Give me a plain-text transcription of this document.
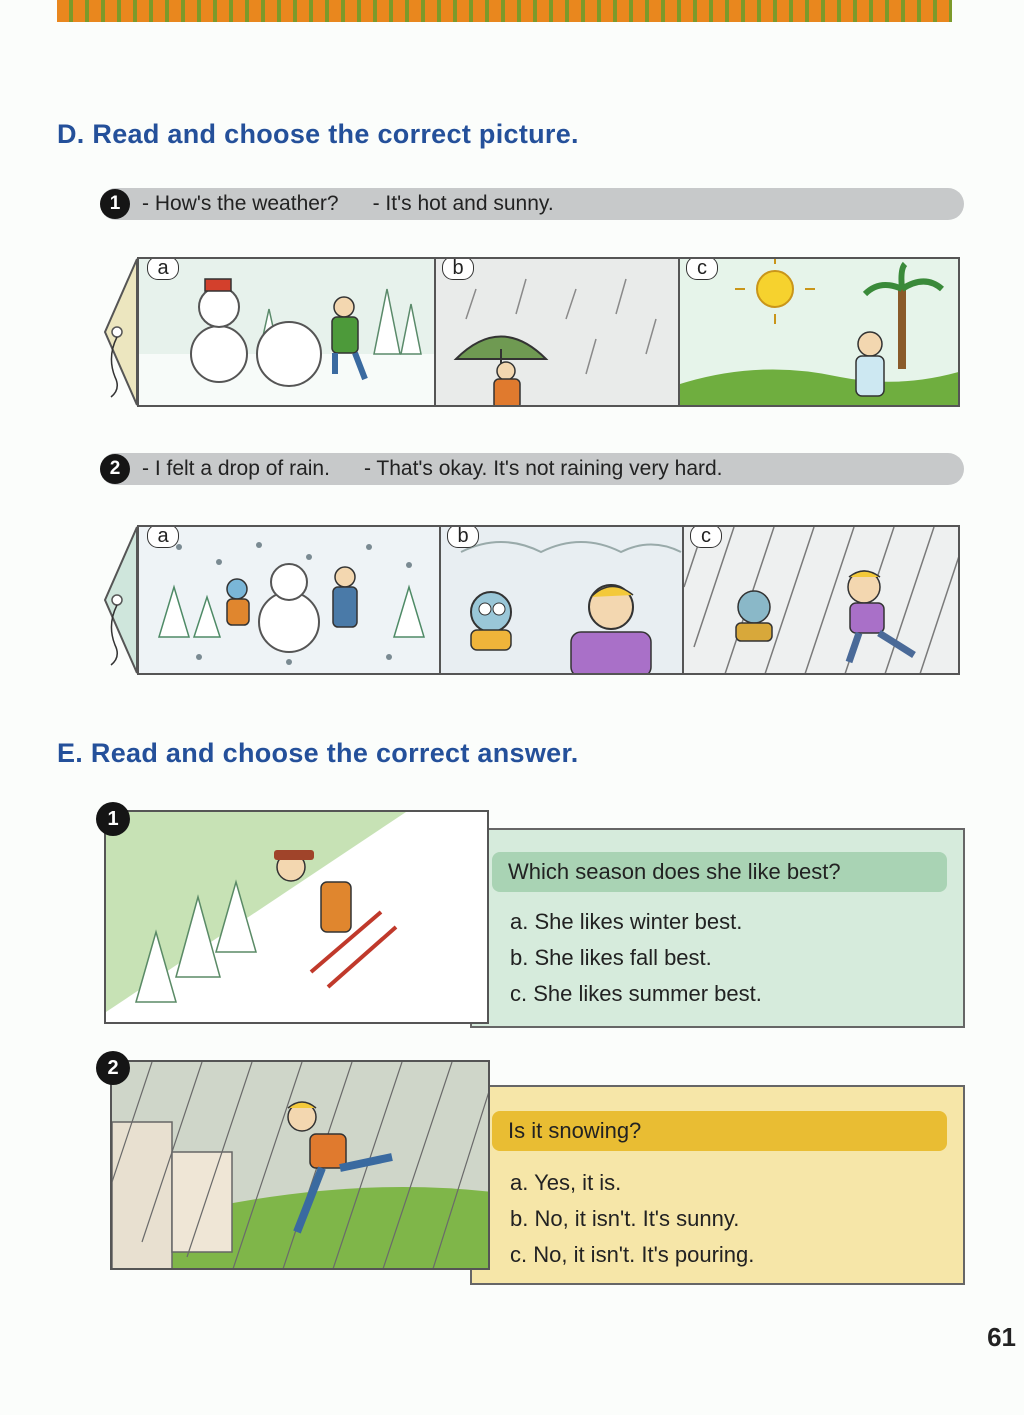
D. Read and choose the correct picture.
1	- How's the weather? - It's hot and sunny.
a	b	c
2	- I felt a drop of rain. - That's okay. It's not raining very hard.
a	b	c
E. Read and choose the correct answer.
1
Which season does she like best?
a. She likes winter best.
b. She likes fall best.
c. She likes summer best.
2
Is it snowing?
a. Yes, it is.
b. No, it isn't. It's sunny.
c. No, it isn't. It's pouring.
61
